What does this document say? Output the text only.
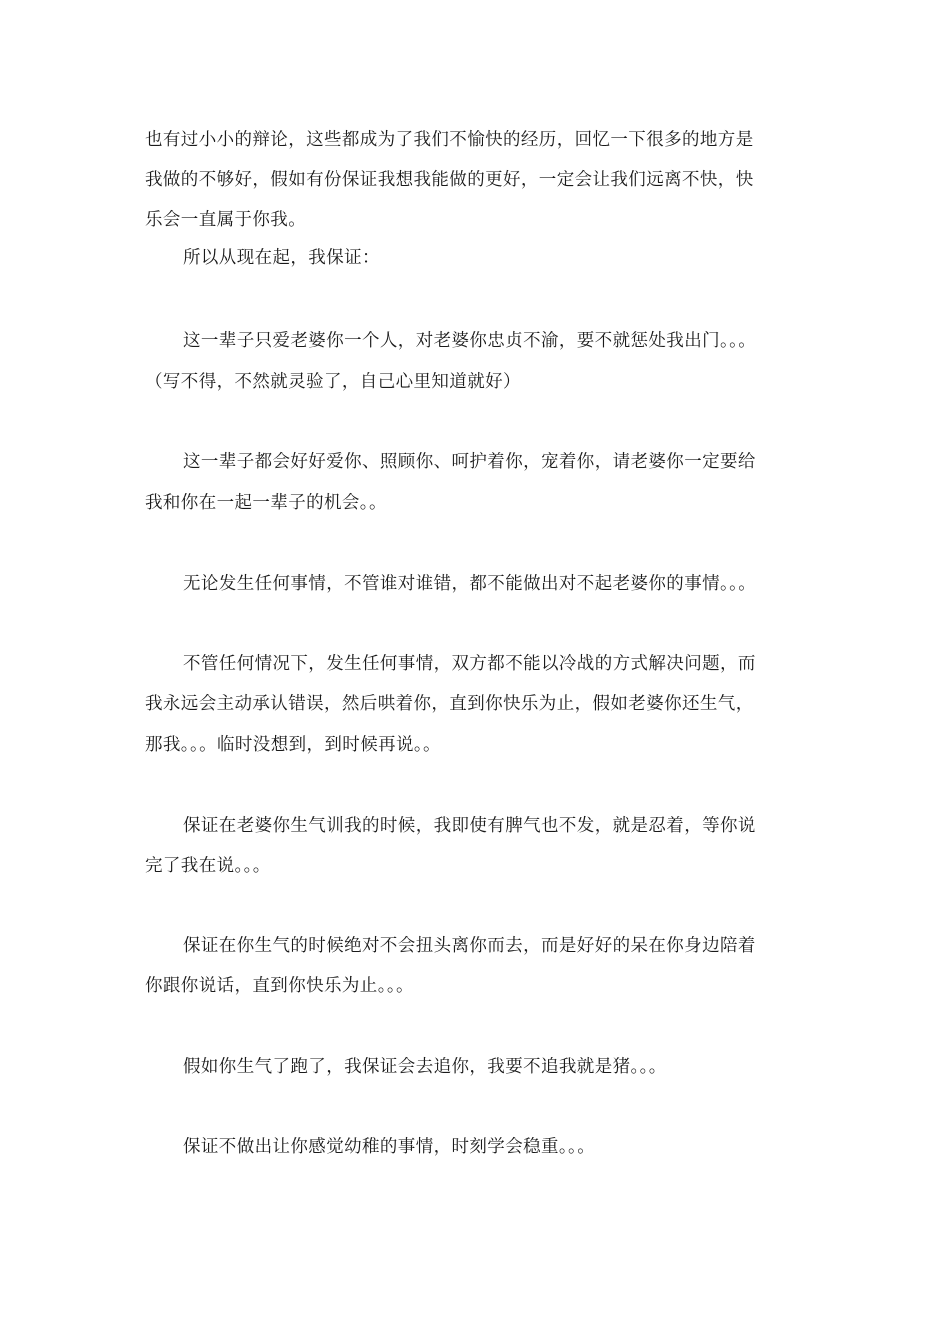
也有过小小的辩论，这些都成为了我们不愉快的经历，回忆一下很多的地方是
我做的不够好，假如有份保证我想我能做的更好，一定会让我们远离不快，快
乐会一直属于你我。
所以从现在起，我保证：
这一辈子只爱老婆你一个人，对老婆你忠贞不渝，要不就惩处我出门。。。
（写不得，不然就灵验了，自己心里知道就好）
这一辈子都会好好爱你、照顾你、呵护着你，宠着你，请老婆你一定要给
我和你在一起一辈子的机会。。
无论发生任何事情，不管谁对谁错，都不能做出对不起老婆你的事情。。。
不管任何情况下，发生任何事情，双方都不能以冷战的方式解决问题，而
我永远会主动承认错误，然后哄着你，直到你快乐为止，假如老婆你还生气，
那我。。。临时没想到，到时候再说。。
保证在老婆你生气训我的时候，我即使有脾气也不发，就是忍着，等你说
完了我在说。。。
保证在你生气的时候绝对不会扭头离你而去，而是好好的呆在你身边陪着
你跟你说话，直到你快乐为止。。。
假如你生气了跑了，我保证会去追你，我要不追我就是猪。。。
保证不做出让你感觉幼稚的事情，时刻学会稳重。。。
